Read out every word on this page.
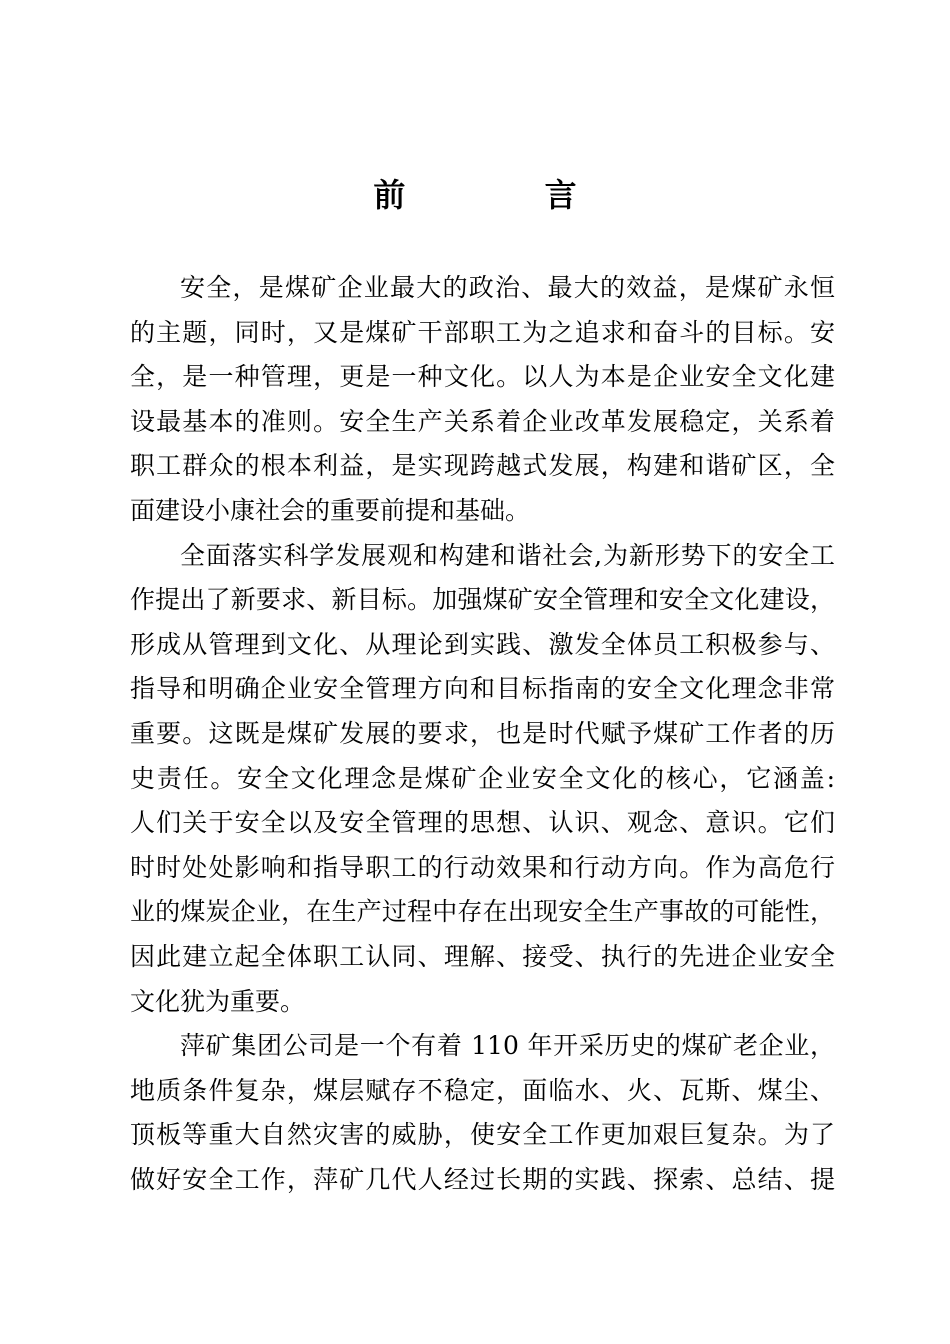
前 言
安全，是煤矿企业最大的政治、最大的效益，是煤矿永恒
的主题，同时，又是煤矿干部职工为之追求和奋斗的目标。安
全，是一种管理，更是一种文化。以人为本是企业安全文化建
设最基本的准则。安全生产关系着企业改革发展稳定，关系着
职工群众的根本利益，是实现跨越式发展，构建和谐矿区，全
面建设小康社会的重要前提和基础。
全面落实科学发展观和构建和谐社会,为新形势下的安全工
作提出了新要求、新目标。加强煤矿安全管理和安全文化建设，
形成从管理到文化、从理论到实践、激发全体员工积极参与、
指导和明确企业安全管理方向和目标指南的安全文化理念非常
重要。这既是煤矿发展的要求，也是时代赋予煤矿工作者的历
史责任。安全文化理念是煤矿企业安全文化的核心，它涵盖:
人们关于安全以及安全管理的思想、认识、观念、意识。它们
时时处处影响和指导职工的行动效果和行动方向。作为高危行
业的煤炭企业，在生产过程中存在出现安全生产事故的可能性，
因此建立起全体职工认同、理解、接受、执行的先进企业安全
文化犹为重要。
萍矿集团公司是一个有着 110 年开采历史的煤矿老企业，
地质条件复杂，煤层赋存不稳定，面临水、火、瓦斯、煤尘、
顶板等重大自然灾害的威胁，使安全工作更加艰巨复杂。为了
做好安全工作，萍矿几代人经过长期的实践、探索、总结、提
